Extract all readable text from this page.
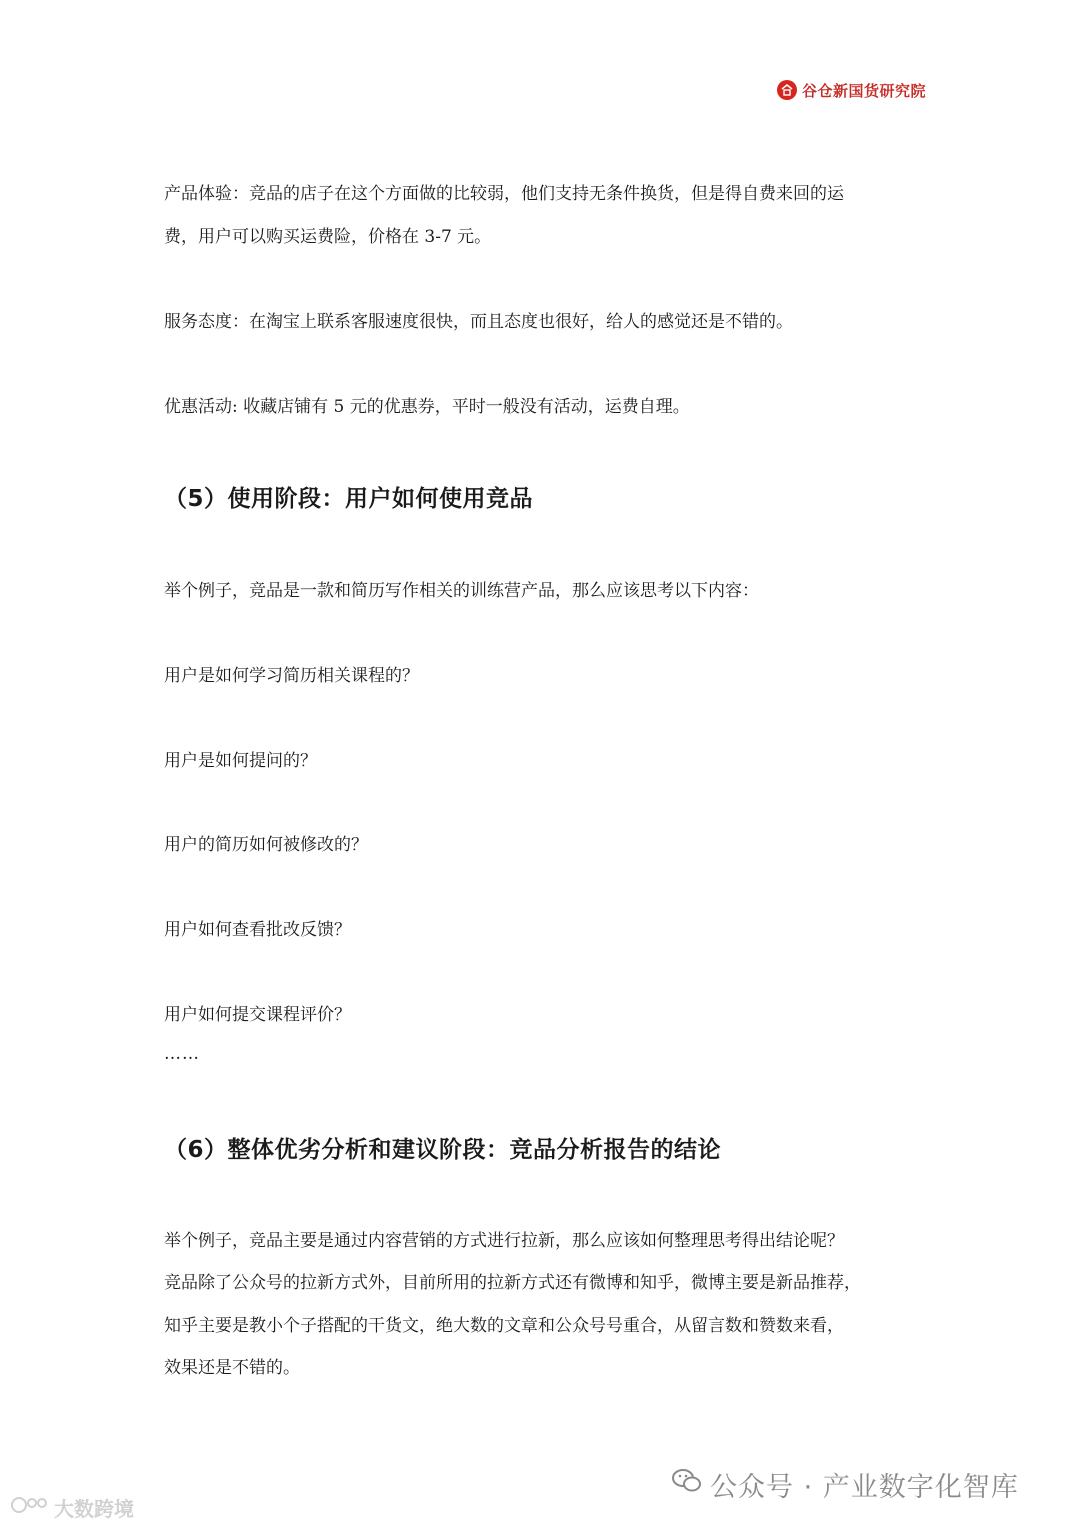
谷仓新国货研究院

产品体验：竞品的店子在这个方面做的比较弱，他们支持无条件换货，但是得自费来回的运

费，用户可以购买运费险，价格在 3-7 元。

服务态度：在淘宝上联系客服速度很快，而且态度也很好，给人的感觉还是不错的。

优惠活动: 收藏店铺有 5 元的优惠券，平时一般没有活动，运费自理。

（5）使用阶段：用户如何使用竞品

举个例子，竞品是一款和简历写作相关的训练营产品，那么应该思考以下内容：

用户是如何学习简历相关课程的？

用户是如何提问的？

用户的简历如何被修改的？

用户如何查看批改反馈？

用户如何提交课程评价？

……

（6）整体优劣分析和建议阶段：竞品分析报告的结论

举个例子，竞品主要是通过内容营销的方式进行拉新，那么应该如何整理思考得出结论呢？

竞品除了公众号的拉新方式外，目前所用的拉新方式还有微博和知乎，微博主要是新品推荐，

知乎主要是教小个子搭配的干货文，绝大数的文章和公众号号重合，从留言数和赞数来看，

效果还是不错的。

公众号 · 产业数字化智库
大数跨境
